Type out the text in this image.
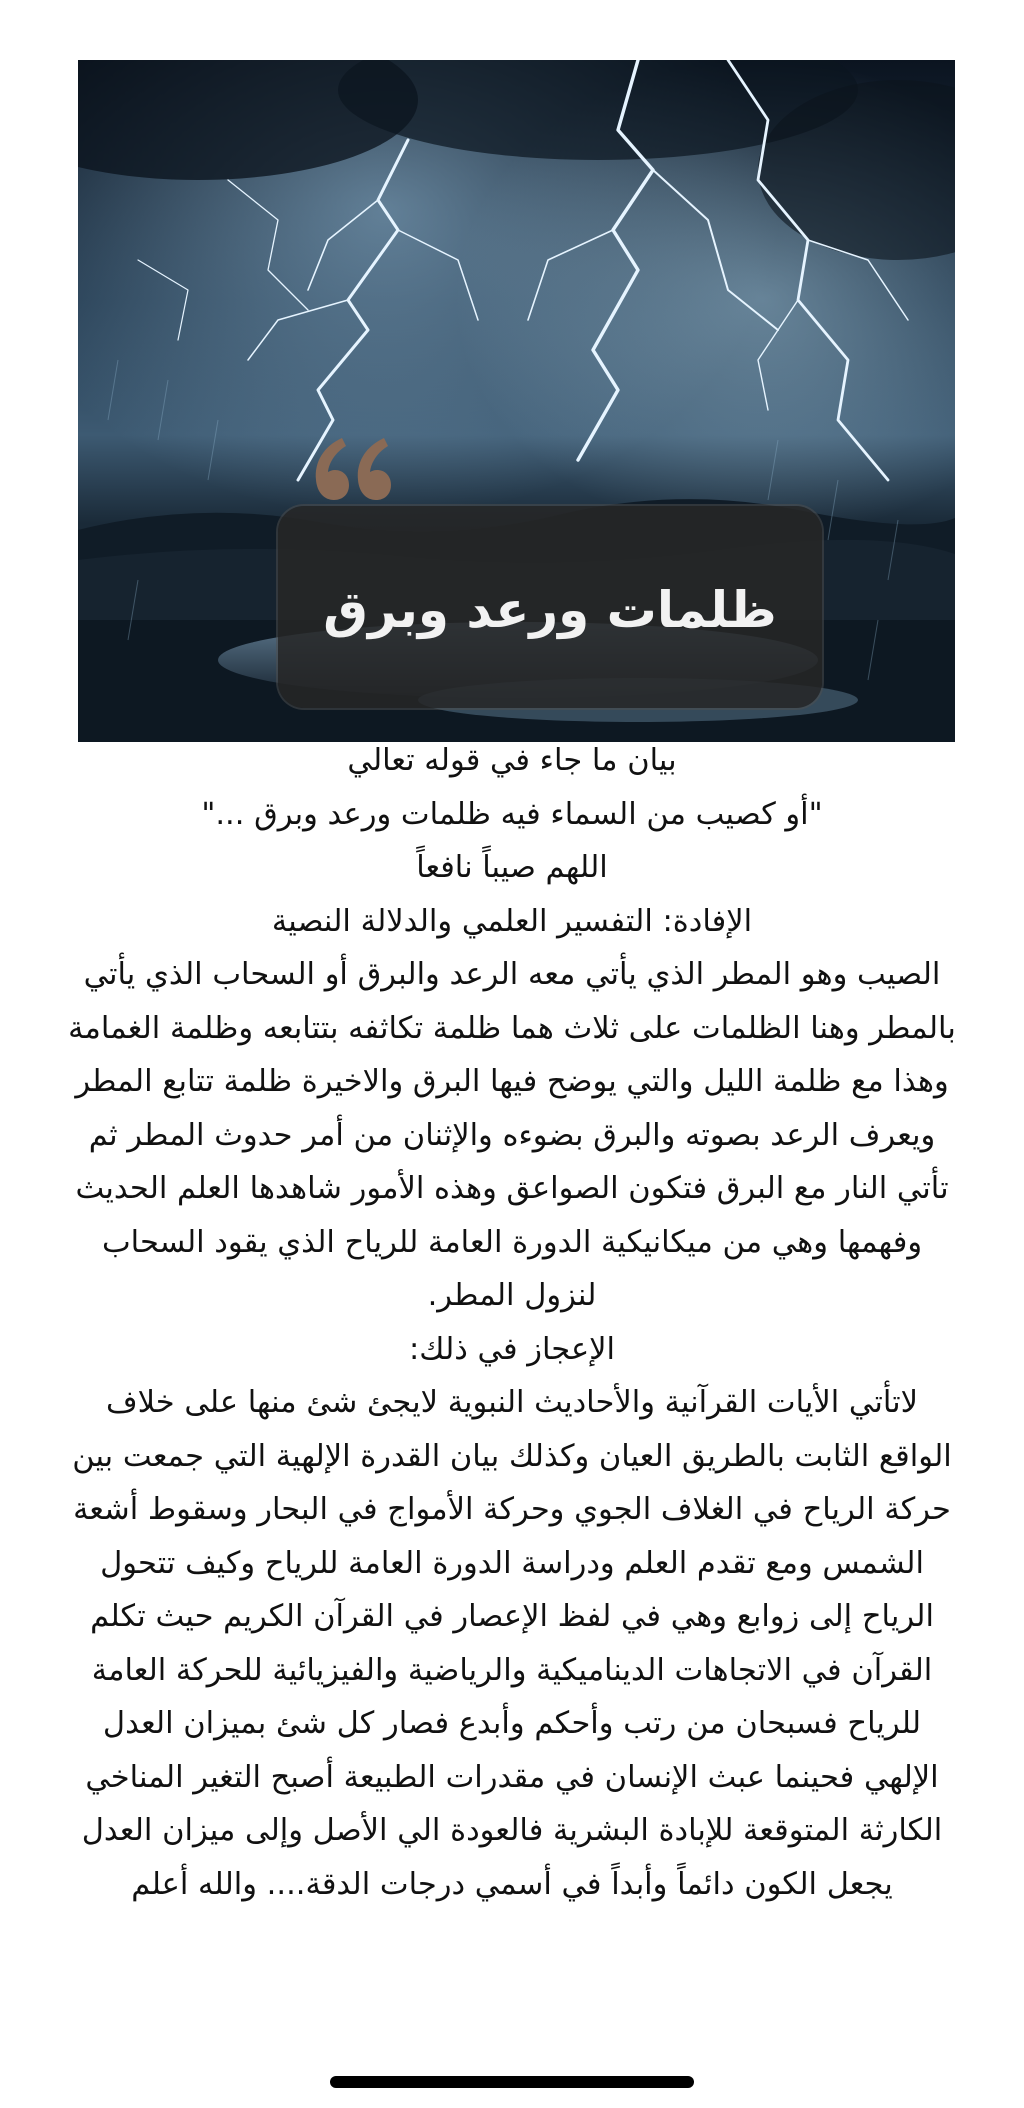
ظلمات ورعد وبرق
بيان ما جاء في قوله تعالي
"أو كصيب من السماء فيه ظلمات ورعد وبرق ..."
اللهم صيباً نافعاً
الإفادة: التفسير العلمي والدلالة النصية
الصيب وهو المطر الذي يأتي معه الرعد والبرق أو السحاب الذي يأتي
بالمطر وهنا الظلمات على ثلاث هما ظلمة تكاثفه بتتابعه وظلمة الغمامة
وهذا مع ظلمة الليل والتي يوضح فيها البرق والاخيرة ظلمة تتابع المطر
ويعرف الرعد بصوته والبرق بضوءه والإثنان من أمر حدوث المطر ثم
تأتي النار مع البرق فتكون الصواعق وهذه الأمور شاهدها العلم الحديث
وفهمها وهي من ميكانيكية الدورة العامة للرياح الذي يقود السحاب
لنزول المطر.
الإعجاز في ذلك:
لاتأتي الأيات القرآنية والأحاديث النبوية لايجئ شئ منها على خلاف
الواقع الثابت بالطريق العيان وكذلك بيان القدرة الإلهية التي جمعت بين
حركة الرياح في الغلاف الجوي وحركة الأمواج في البحار وسقوط أشعة
الشمس ومع تقدم العلم ودراسة الدورة العامة للرياح وكيف تتحول
الرياح إلى زوابع وهي في لفظ الإعصار في القرآن الكريم حيث تكلم
القرآن في الاتجاهات الديناميكية والرياضية والفيزيائية للحركة العامة
للرياح فسبحان من رتب وأحكم وأبدع فصار كل شئ بميزان العدل
الإلهي فحينما عبث الإنسان في مقدرات الطبيعة أصبح التغير المناخي
الكارثة المتوقعة للإبادة البشرية فالعودة الي الأصل وإلى ميزان العدل
يجعل الكون دائماً وأبداً في أسمي درجات الدقة.... والله أعلم
